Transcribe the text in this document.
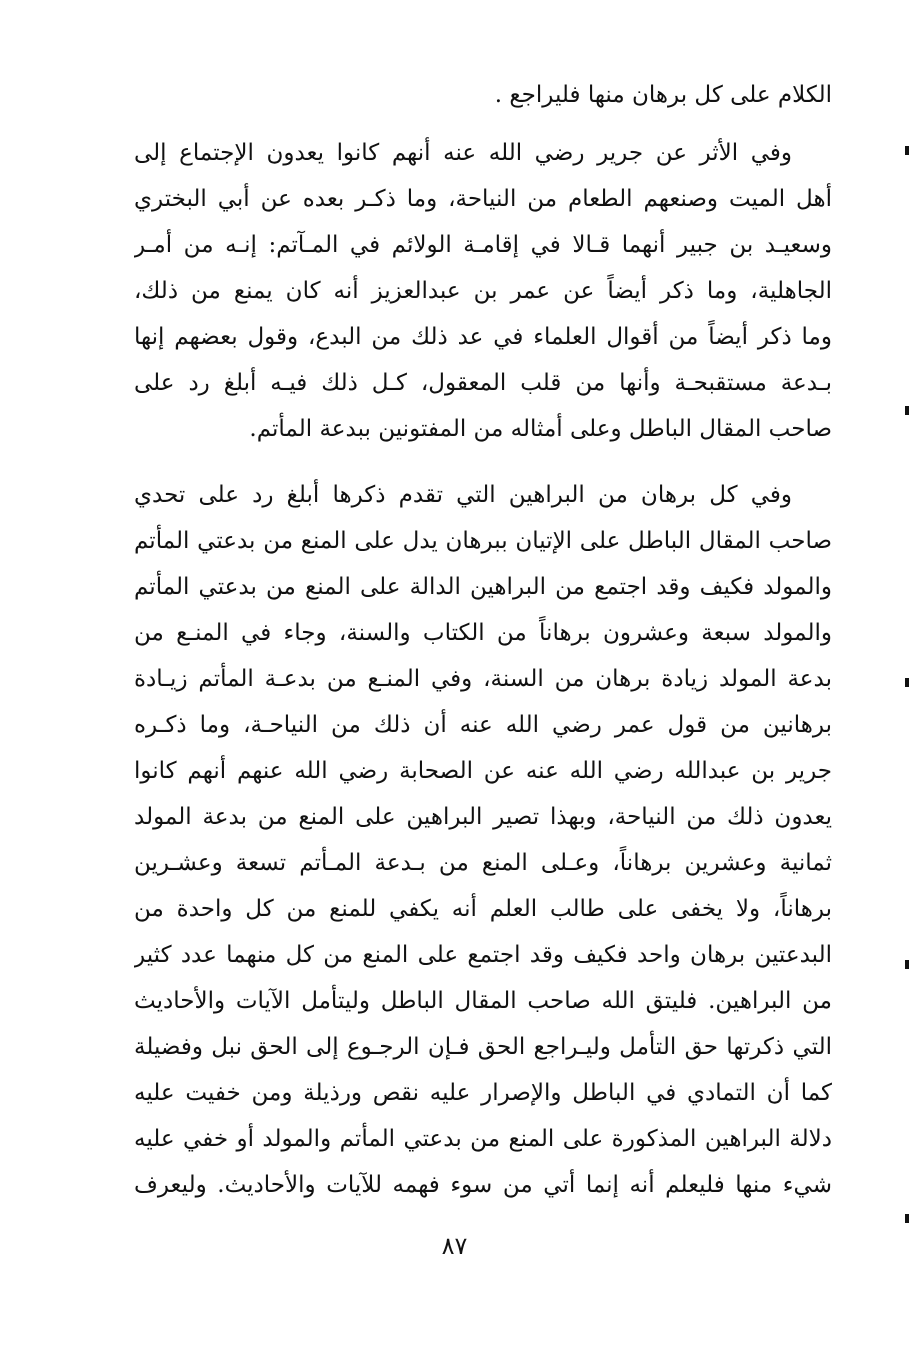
الكلام على كل برهان منها فليراجع .
وفي الأثر عن جرير رضي الله عنه أنهم كانوا يعدون الإجتماع إلى
أهل الميت وصنعهم الطعام من النياحة، وما ذكـر بعده عن أبي البختري
وسعيـد بن جبير أنهما قـالا في إقامـة الولائم في المـآتم: إنـه من أمـر
الجاهلية، وما ذكر أيضاً عن عمر بن عبدالعزيز أنه كان يمنع من ذلك،
وما ذكر أيضاً من أقوال العلماء في عد ذلك من البدع، وقول بعضهم إنها
بـدعة مستقبحـة وأنها من قلب المعقول، كـل ذلك فيـه أبلغ رد على
صاحب المقال الباطل وعلى أمثاله من المفتونين ببدعة المأتم.
وفي كل برهان من البراهين التي تقدم ذكرها أبلغ رد على تحدي
صاحب المقال الباطل على الإتيان ببرهان يدل على المنع من بدعتي المأتم
والمولد فكيف وقد اجتمع من البراهين الدالة على المنع من بدعتي المأتم
والمولد سبعة وعشرون برهاناً من الكتاب والسنة، وجاء في المنـع من
بدعة المولد زيادة برهان من السنة، وفي المنـع من بدعـة المأتم زيـادة
برهانين من قول عمر رضي الله عنه أن ذلك من النياحـة، وما ذكـره
جرير بن عبدالله رضي الله عنه عن الصحابة رضي الله عنهم أنهم كانوا
يعدون ذلك من النياحة، وبهذا تصير البراهين على المنع من بدعة المولد
ثمانية وعشرين برهاناً، وعـلى المنع من بـدعة المـأتم تسعة وعشـرين
برهاناً، ولا يخفى على طالب العلم أنه يكفي للمنع من كل واحدة من
البدعتين برهان واحد فكيف وقد اجتمع على المنع من كل منهما عدد كثير
من البراهين. فليتق الله صاحب المقال الباطل وليتأمل الآيات والأحاديث
التي ذكرتها حق التأمل وليـراجع الحق فـإن الرجـوع إلى الحق نبل وفضيلة
كما أن التمادي في الباطل والإصرار عليه نقص ورذيلة ومن خفيت عليه
دلالة البراهين المذكورة على المنع من بدعتي المأتم والمولد أو خفي عليه
شيء منها فليعلم أنه إنما أتي من سوء فهمه للآيات والأحاديث. وليعرف
٨٧
